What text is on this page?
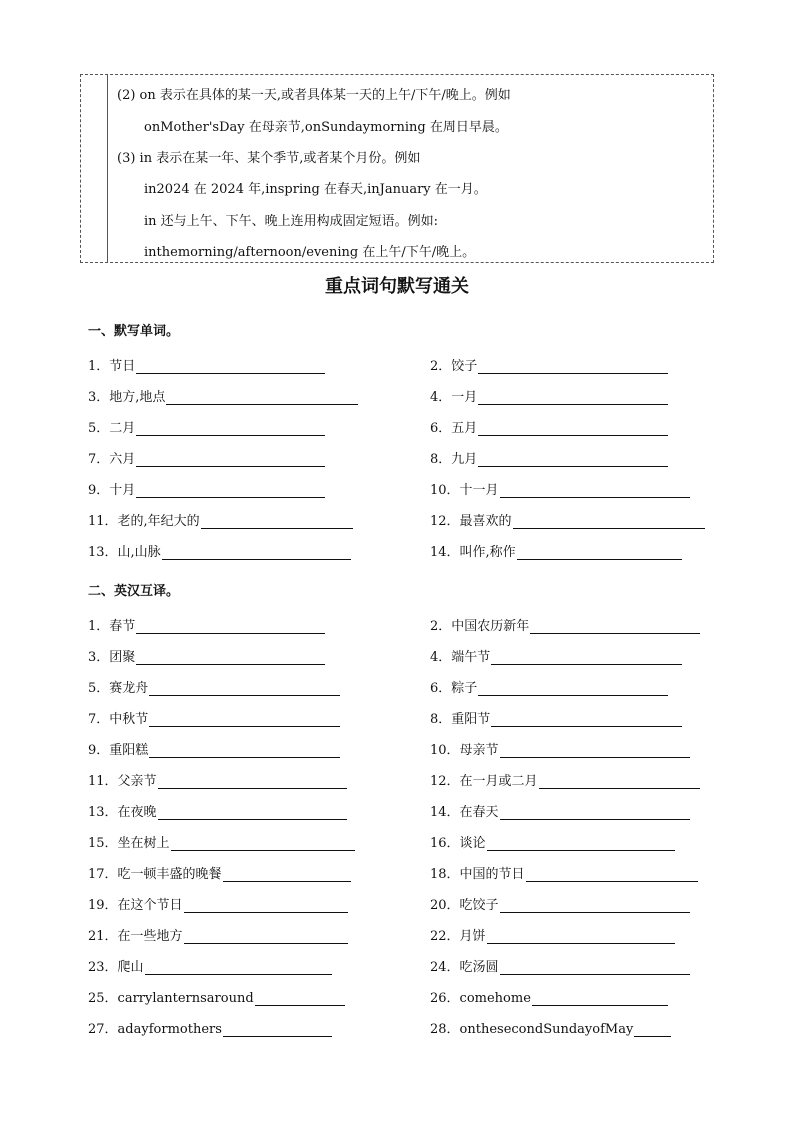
(2) on 表示在具体的某一天,或者具体某一天的上午/下午/晚上。例如
onMother'sDay 在母亲节,onSundaymorning 在周日早晨。
(3) in 表示在某一年、某个季节,或者某个月份。例如
in2024 在 2024 年,inspring 在春天,inJanuary 在一月。
in 还与上午、下午、晚上连用构成固定短语。例如:
inthemorning/afternoon/evening 在上午/下午/晚上。
重点词句默写通关
一、默写单词。
1．节日	2．饺子
3．地方,地点	4．一月
5．二月	6．五月
7．六月	8．九月
9．十月	10．十一月
11．老的,年纪大的	12．最喜欢的
13．山,山脉	14．叫作,称作
二、英汉互译。
1．春节	2．中国农历新年
3．团聚	4．端午节
5．赛龙舟	6．粽子
7．中秋节	8．重阳节
9．重阳糕	10．母亲节
11．父亲节	12．在一月或二月
13．在夜晚	14．在春天
15．坐在树上	16．谈论
17．吃一顿丰盛的晚餐	18．中国的节日
19．在这个节日	20．吃饺子
21．在一些地方	22．月饼
23．爬山	24．吃汤圆
25．carrylanternsaround	26．comehome
27．adayformothers	28．onthesecondSundayofMay
